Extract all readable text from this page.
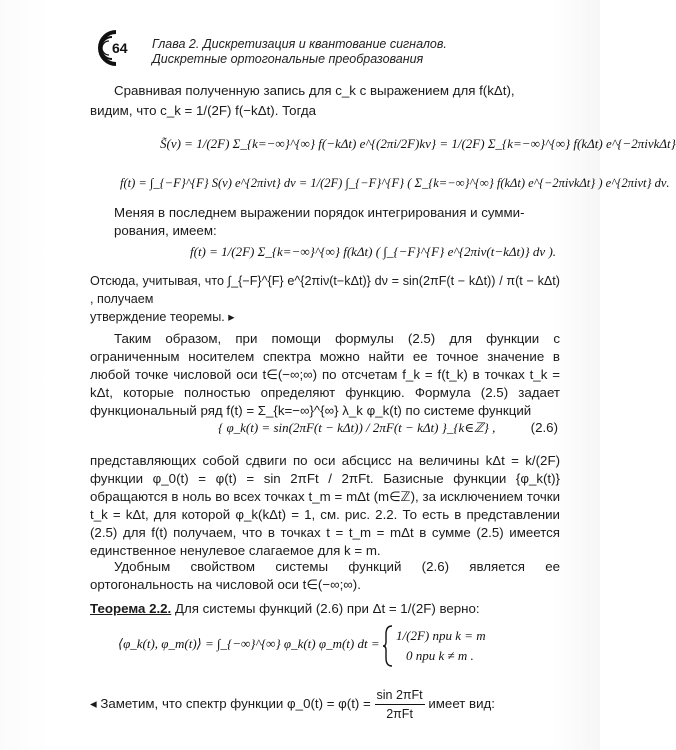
64 Глава 2. Дискретизация и квантование сигналов.
Дискретные ортогональные преобразования
Сравнивая полученную запись для c_k с выражением для f(kΔt),
видим, что c_k = 1/(2F) f(−kΔt). Тогда
S̃(ν) = 1/(2F) Σ_{k=−∞}^{∞} f(−kΔt) e^{(2πi/2F)kν} = 1/(2F) Σ_{k=−∞}^{∞} f(kΔt) e^{−2πiνkΔt}
f(t) = ∫_{−F}^{F} S(ν) e^{2πiνt} dν = 1/(2F) ∫_{−F}^{F} ( Σ_{k=−∞}^{∞} f(kΔt) e^{−2πiνkΔt} ) e^{2πiνt} dν.
Меняя в последнем выражении порядок интегрирования и сумми-
рования, имеем:
f(t) = 1/(2F) Σ_{k=−∞}^{∞} f(kΔt) ( ∫_{−F}^{F} e^{2πiν(t−kΔt)} dν ).
Отсюда, учитывая, что ∫_{−F}^{F} e^{2πiν(t−kΔt)} dν = sin(2πF(t − kΔt)) / π(t − kΔt) , получаем
утверждение теоремы. ▸
Таким образом, при помощи формулы (2.5) для функции с ограниченным носителем спектра можно найти ее точное значение в любой точке числовой оси t∈(−∞;∞) по отсчетам f_k = f(t_k) в точках t_k = kΔt, которые полностью определяют функцию. Формула (2.5) задает функциональный ряд f(t) = Σ_{k=−∞}^{∞} λ_k φ_k(t) по системе функций
{ φ_k(t) = sin(2πF(t − kΔt)) / 2πF(t − kΔt) }_{k∈ℤ} ,	(2.6)
представляющих собой сдвиги по оси абсцисс на величины kΔt = k/(2F) функции φ_0(t) = φ(t) = sin 2πFt / 2πFt. Базисные функции {φ_k(t)} обращаются в ноль во всех точках t_m = mΔt (m∈ℤ), за исключением точки t_k = kΔt, для которой φ_k(kΔt) = 1, см. рис. 2.2. То есть в представлении (2.5) для f(t) получаем, что в точках t = t_m = mΔt в сумме (2.5) имеется единственное ненулевое слагаемое для k = m.
Удобным свойством системы функций (2.6) является ее ортогональность на числовой оси t∈(−∞;∞).
Теорема 2.2. Для системы функций (2.6) при Δt = 1/(2F) верно:
⟨φ_k(t), φ_m(t)⟩ = ∫_{−∞}^{∞} φ_k(t) φ_m(t) dt =
1/(2F) при k = m
0 при k ≠ m .
◂ Заметим, что спектр функции φ_0(t) = $\varphi(t) = \frac{\text{sin 2πFt}}{\text{2πFt}}$ имеет вид:
